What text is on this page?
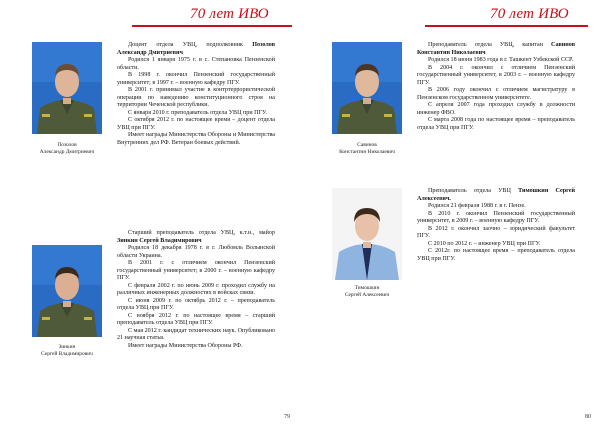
70 лет ИВО
Позолов
Александр Дмитриевич

Доцент отдела УВЦ, подполковник Позолов Александр Дмитриевич

Родился 1 января 1975 г. в с. Степановка Пензенской области.

В 1998 г. окончил Пензенский государственный университет; в 1997 г. – военную кафедру ПГУ.

В 2001 г. принимал участие в контртеррористической операции по наведению конституционного строя на территории Чеченской республики.

С января 2010 г. преподаватель отдела УВЦ при ПГУ.

С октября 2012 г. по настоящее время – доцент отдела УВЦ при ПГУ.

Имеет награды Министерства Обороны и Министерства Внутренних дел РФ. Ветеран боевых действий.

Зинкин
Сергей Владимирович

Старший преподаватель отдела УВЦ, к.т.н., майор Зинкин Сергей Владимирович

Родился 18 декабря 1978 г. в г. Любомль Волынской области Украина.

В 2001 г. с отличием окончил Пензенский государственный университет; в 2000 г. – военную кафедру ПГУ.

С февраля 2002 г. по июнь 2009 г. проходил службу на различных инженерных должностях в войсках связи.

С июня 2009 г. по октябрь 2012 г. – преподаватель отдела УВЦ при ПГУ.

С ноября 2012 г. по настоящее время – старший преподаватель отдела УВЦ при ПГУ.

С мая 2012 г. кандидат технических наук. Опубликовано 21 научная статья.

Имеет награды Министерства Обороны РФ.

79
70 лет ИВО
Савинов
Константин Николаевич

Преподаватель отдела УВЦ, капитан Савинов Константин Николаевич

Родился 18 июня 1983 года в г. Ташкент Узбекской ССР.

В 2004 г. окончил с отличием Пензенский государственный университет, в 2003 г. – военную кафедру ПГУ.

В 2006 году окончил с отличием магистратуру в Пензенском государственном университете.

С апреля 2007 года проходил службу в должности инженер ФВО.

С марта 2008 года по настоящее время – преподаватель отдела УВЦ при ПГУ.

Тимошкин
Сергей Алексеевич

Преподаватель отдела УВЦ Тимошкин Сергей Алексеевич.

Родился 21 февраля 1988 г. в г. Пензе.

В 2010 г. окончил Пензенский государственный университет, в 2009 г. – военную кафедру ПГУ.

В 2012 г. окончил заочно – юридический факультет ПГУ.

С 2010 по 2012 г. – инженер УВЦ при ПГУ.

С 2012г. по настоящее время – преподаватель отдела УВЦ при ПГУ.

80
